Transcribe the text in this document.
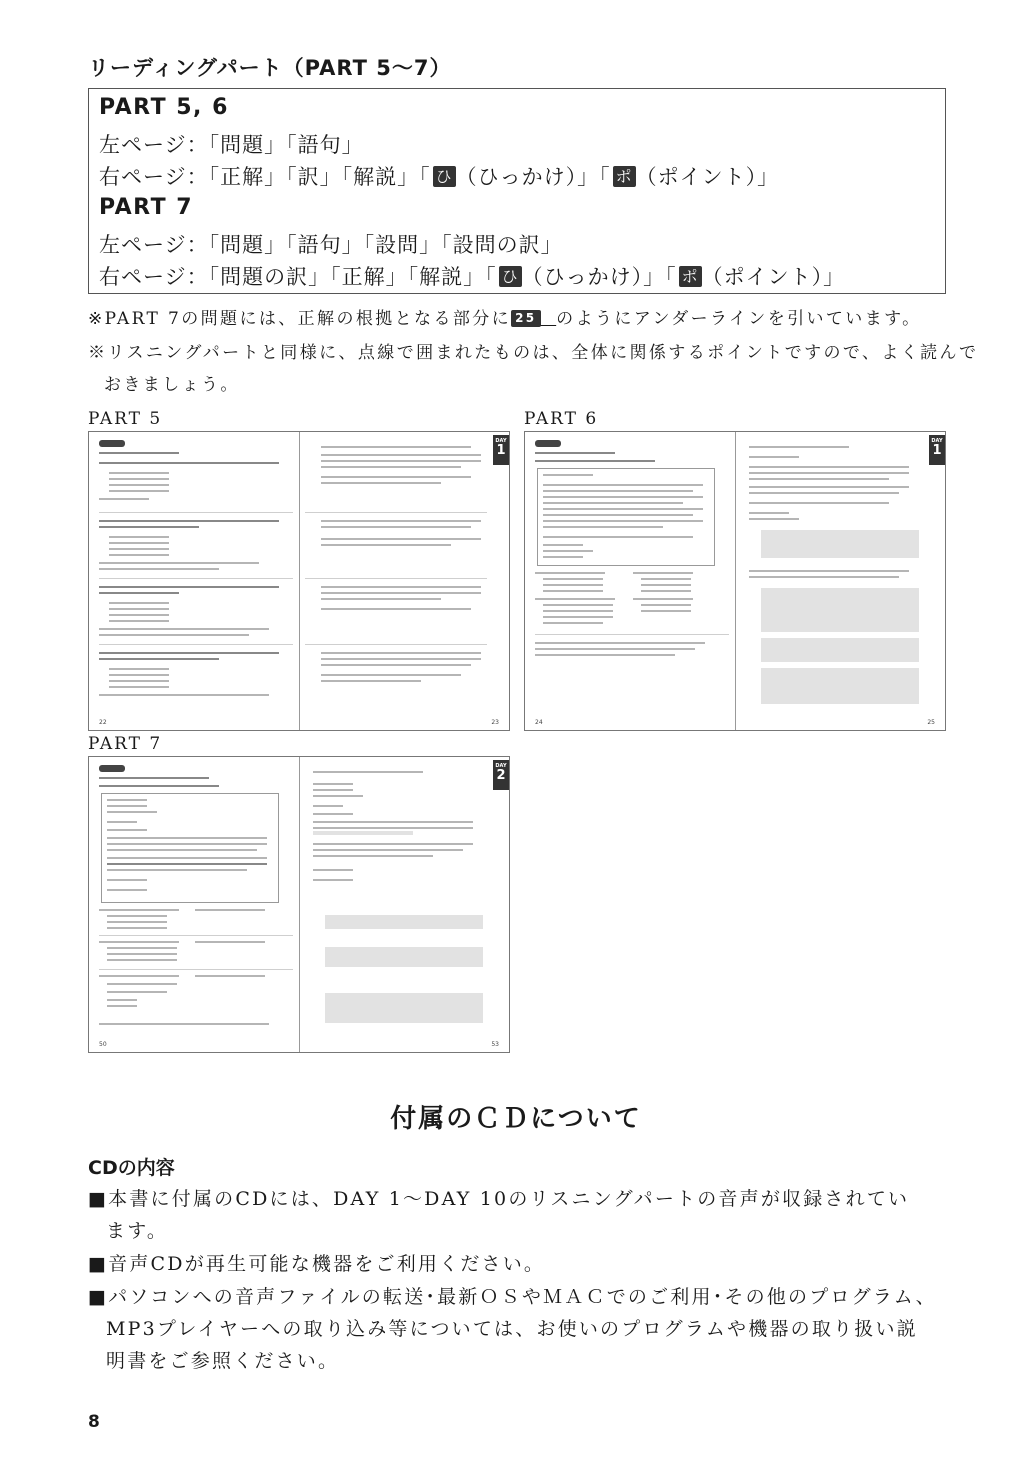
リーディングパート（PART 5～7）
PART 5, 6
左ページ：「問題」「語句」
右ページ：「正解」「訳」「解説」「 ひ （ひっかけ）」「 ポ （ポイント）」
PART 7
左ページ：「問題」「語句」「設問」「設問の訳」
右ページ：「問題の訳」「正解」「解説」「 ひ （ひっかけ）」「 ポ （ポイント）」
※PART 7の問題には、正解の根拠となる部分に 25 のようにアンダーラインを引いています。
※リスニングパートと同様に、点線で囲まれたものは、全体に関係するポイントですので、よく読んで
おきましょう。
PART 5
22
DAY
1
23
PART 6
24
DAY
1
25
PART 7
50
DAY
2
53
付属のＣＤについて
CDの内容
■本書に付属のCDには、DAY 1～DAY 10のリスニングパートの音声が収録されてい
ます。
■音声CDが再生可能な機器をご利用ください。
■パソコンへの音声ファイルの転送･最新ＯＳやＭＡＣでのご利用･その他のプログラム、
MP3プレイヤーへの取り込み等については、お使いのプログラムや機器の取り扱い説
明書をご参照ください。
8
